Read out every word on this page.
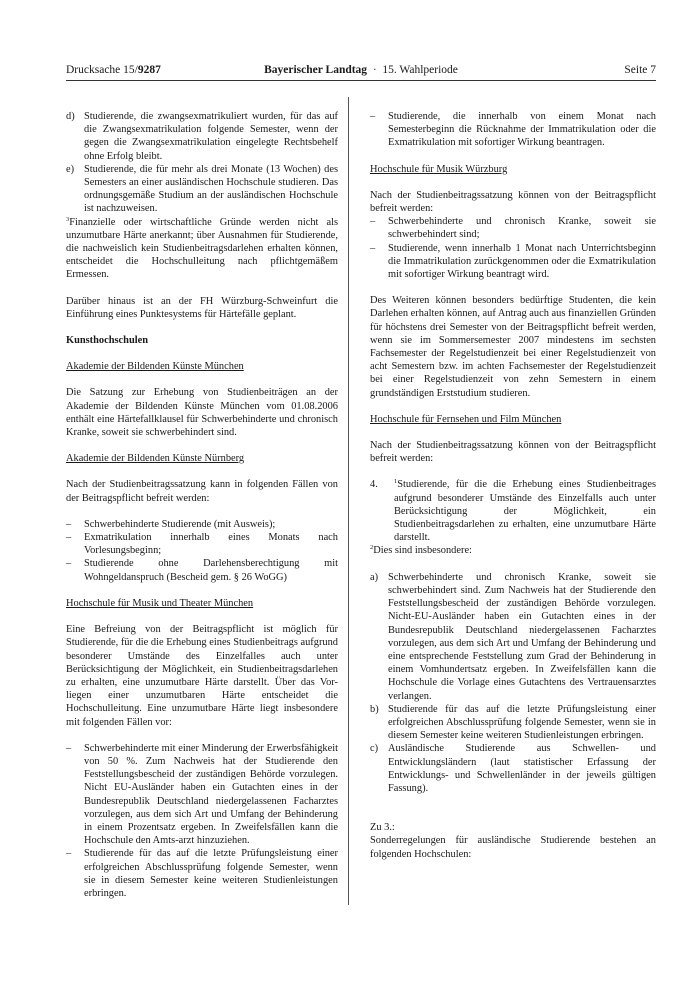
Drucksache 15/9287	Bayerischer Landtag  ·  15. Wahlperiode	Seite 7
d) Studierende, die zwangsexmatrikuliert wurden, für das auf die Zwangsexmatrikulation folgende Semester, wenn der gegen die Zwangsexmatrikulation eingelegte Rechtsbehelf ohne Erfolg bleibt.
e) Studierende, die für mehr als drei Monate (13 Wochen) des Semesters an einer ausländischen Hochschule studieren. Das ordnungsgemäße Studium an der ausländischen Hochschule ist nachzuweisen.

$^3$Finanzielle oder wirtschaftliche Gründe werden nicht als unzumutbare Härte anerkannt; über Ausnahmen für Studierende, die nachweislich kein Studienbeitragsdarlehen erhalten können, entscheidet die Hochschulleitung nach pflichtgemäßem Ermessen.

Darüber hinaus ist an der FH Würzburg-Schweinfurt die Einführung eines Punktesystems für Härtefälle geplant.

Kunsthochschulen
Akademie der Bildenden Künste München

Die Satzung zur Erhebung von Studienbeiträgen an der Akademie der Bildenden Künste München vom 01.08.2006 enthält eine Härtefallklausel für Schwerbehinderte und chronisch Kranke, soweit sie schwerbehindert sind.

Akademie der Bildenden Künste Nürnberg

Nach der Studienbeitragssatzung kann in folgenden Fällen von der Beitragspflicht befreit werden:

–	Schwerbehinderte Studierende (mit Ausweis);
–	Exmatrikulation innerhalb eines Monats nach Vorlesungsbeginn;
–	Studierende ohne Darlehensberechtigung mit Wohngeldanspruch (Bescheid gem. § 26 WoGG)
Hochschule für Musik und Theater München

Eine Befreiung von der Beitragspflicht ist möglich für Studierende, für die die Erhebung eines Studienbeitrags aufgrund besonderer Umstände des Einzelfalles auch unter Berücksichtigung der Möglichkeit, ein Studienbeitragsdarlehen zu erhalten, eine unzumutbare Härte darstellt. Über das Vor-liegen einer unzumutbaren Härte entscheidet die Hochschulleitung. Eine unzumutbare Härte liegt insbesondere mit folgenden Fällen vor:

–	Schwerbehinderte mit einer Minderung der Erwerbsfähigkeit von 50 %. Zum Nachweis hat der Studierende den Feststellungsbescheid der zuständigen Behörde vorzulegen. Nicht EU-Ausländer haben ein Gutachten eines in der Bundesrepublik Deutschland niedergelassenen Facharztes vorzulegen, aus dem sich Art und Umfang der Behinderung in einem Prozentsatz ergeben. In Zweifelsfällen kann die Hochschule den Amts-arzt hinzuziehen.
–	Studierende für das auf die letzte Prüfungsleistung einer erfolgreichen Abschlussprüfung folgende Semester, wenn sie in diesem Semester keine weiteren Studienleistungen erbringen.
–	Studierende, die innerhalb von einem Monat nach Semesterbeginn die Rücknahme der Immatrikulation oder die Exmatrikulation mit sofortiger Wirkung beantragen.
Hochschule für Musik Würzburg

Nach der Studienbeitragssatzung können von der Beitragspflicht befreit werden:

–	Schwerbehinderte und chronisch Kranke, soweit sie schwerbehindert sind;
–	Studierende, wenn innerhalb 1 Monat nach Unterrichtsbeginn die Immatrikulation zurückgenommen oder die Exmatrikulation mit sofortiger Wirkung beantragt wird.

Des Weiteren können besonders bedürftige Studenten, die kein Darlehen erhalten können, auf Antrag auch aus finanziellen Gründen für höchstens drei Semester von der Beitragspflicht befreit werden, wenn sie im Sommersemester 2007 mindestens im sechsten Fachsemester der Regelstudienzeit bei einer Regelstudienzeit von acht Semestern bzw. im achten Fachsemester der Regelstudienzeit bei einer Regelstudienzeit von zehn Semestern in einem grundständigen Erststudium studieren.

Hochschule für Fernsehen und Film München

Nach der Studienbeitragssatzung können von der Beitragspflicht befreit werden:

4.	$^1$Studierende, für die die Erhebung eines Studienbeitrages aufgrund besonderer Umstände des Einzelfalls auch unter Berücksichtigung der Möglichkeit, ein Studienbeitragsdarlehen zu erhalten, eine unzumutbare Härte darstellt.

$^2$Dies sind insbesondere:

a) Schwerbehinderte und chronisch Kranke, soweit sie schwerbehindert sind. Zum Nachweis hat der Studierende den Feststellungsbescheid der zuständigen Behörde vorzulegen. Nicht-EU-Ausländer haben ein Gutachten eines in der Bundesrepublik Deutschland niedergelassenen Facharztes vorzulegen, aus dem sich Art und Umfang der Behinderung und eine entsprechende Feststellung zum Grad der Behinderung in einem Vomhundertsatz ergeben. In Zweifelsfällen kann die Hochschule die Vorlage eines Gutachtens des Vertrauensarztes verlangen.
b) Studierende für das auf die letzte Prüfungsleistung einer erfolgreichen Abschlussprüfung folgende Semester, wenn sie in diesem Semester keine weiteren Studienleistungen erbringen.
c) Ausländische Studierende aus Schwellen- und Entwicklungsländern (laut statistischer Erfassung der Entwicklungs- und Schwellenländer in der jeweils gültigen Fassung).

Zu 3.:

Sonderregelungen für ausländische Studierende bestehen an folgenden Hochschulen:
